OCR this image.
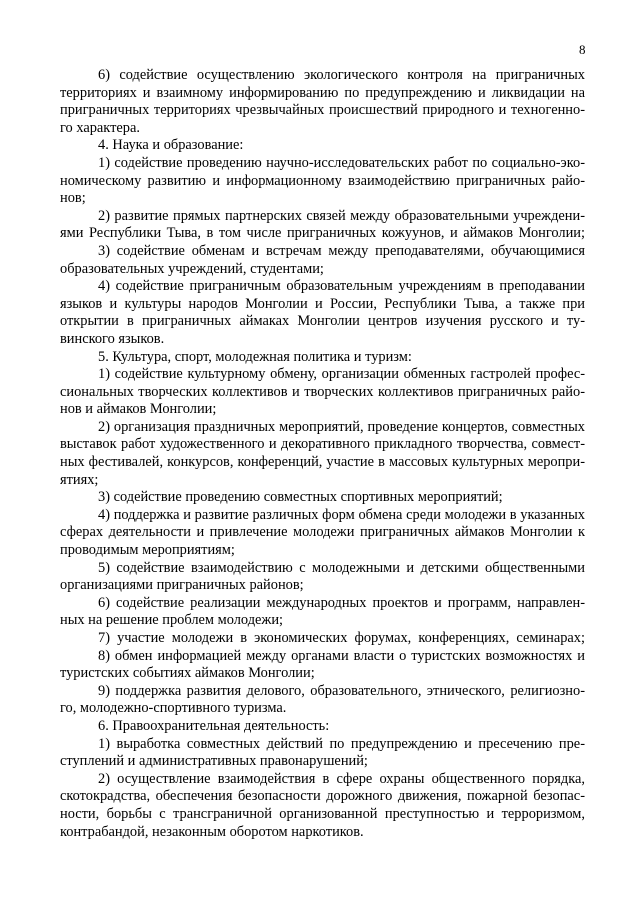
8
6) содействие осуществлению экологического контроля на приграничных
территориях и взаимному информированию по предупреждению и ликвидации на
приграничных территориях чрезвычайных происшествий природного и техногенно-
го характера.
4. Наука и образование:
1) содействие проведению научно-исследовательских работ по социально-эко-
номическому развитию и информационному взаимодействию приграничных райо-
нов;
2) развитие прямых партнерских связей между образовательными учреждени-
ями Республики Тыва, в том числе приграничных кожуунов, и аймаков Монголии;
3) содействие обменам и встречам между преподавателями, обучающимися
образовательных учреждений, студентами;
4) содействие приграничным образовательным учреждениям в преподавании
языков и культуры народов Монголии и России, Республики Тыва, а также при
открытии в приграничных аймаках Монголии центров изучения русского и ту-
винского языков.
5. Культура, спорт, молодежная политика и туризм:
1) содействие культурному обмену, организации обменных гастролей профес-
сиональных творческих коллективов и творческих коллективов приграничных райо-
нов и аймаков Монголии;
2) организация праздничных мероприятий, проведение концертов, совместных
выставок работ художественного и декоративного прикладного творчества, совмест-
ных фестивалей, конкурсов, конференций, участие в массовых культурных меропри-
ятиях;
3) содействие проведению совместных спортивных мероприятий;
4) поддержка и развитие различных форм обмена среди молодежи в указанных
сферах деятельности и привлечение молодежи приграничных аймаков Монголии к
проводимым мероприятиям;
5) содействие взаимодействию с молодежными и детскими общественными
организациями приграничных районов;
6) содействие реализации международных проектов и программ, направлен-
ных на решение проблем молодежи;
7) участие молодежи в экономических форумах, конференциях, семинарах;
8) обмен информацией между органами власти о туристских возможностях и
туристских событиях аймаков Монголии;
9) поддержка развития делового, образовательного, этнического, религиозно-
го, молодежно-спортивного туризма.
6. Правоохранительная деятельность:
1) выработка совместных действий по предупреждению и пресечению пре-
ступлений и административных правонарушений;
2) осуществление взаимодействия в сфере охраны общественного порядка,
скотокрадства, обеспечения безопасности дорожного движения, пожарной безопас-
ности, борьбы с трансграничной организованной преступностью и терроризмом,
контрабандой, незаконным оборотом наркотиков.
